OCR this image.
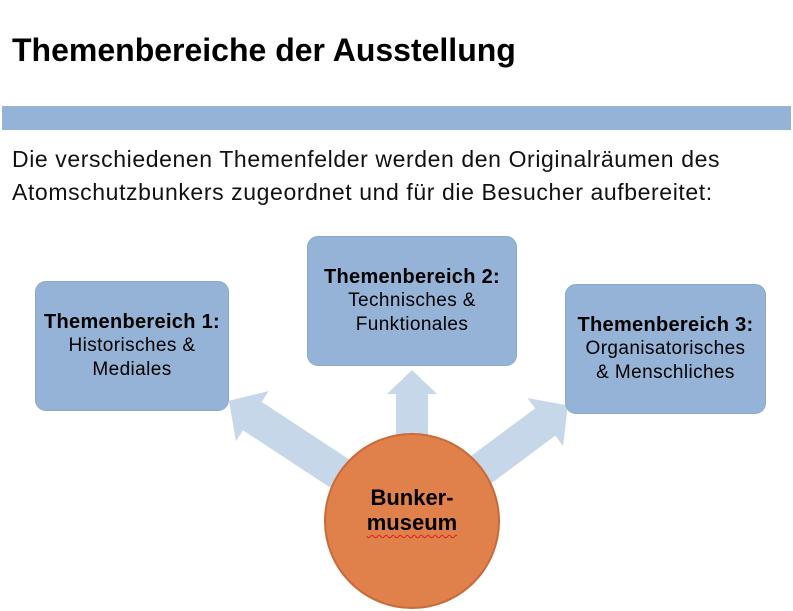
Themenbereiche der Ausstellung
Die verschiedenen Themenfelder werden den Originalräumen des
Atomschutzbunkers zugeordnet und für die Besucher aufbereitet:
Themenbereich 1:
Historisches &
Mediales
Themenbereich 2:
Technisches &
Funktionales	Themenbereich 3:
Organisatorisches
& Menschliches
Bunker-
museum
